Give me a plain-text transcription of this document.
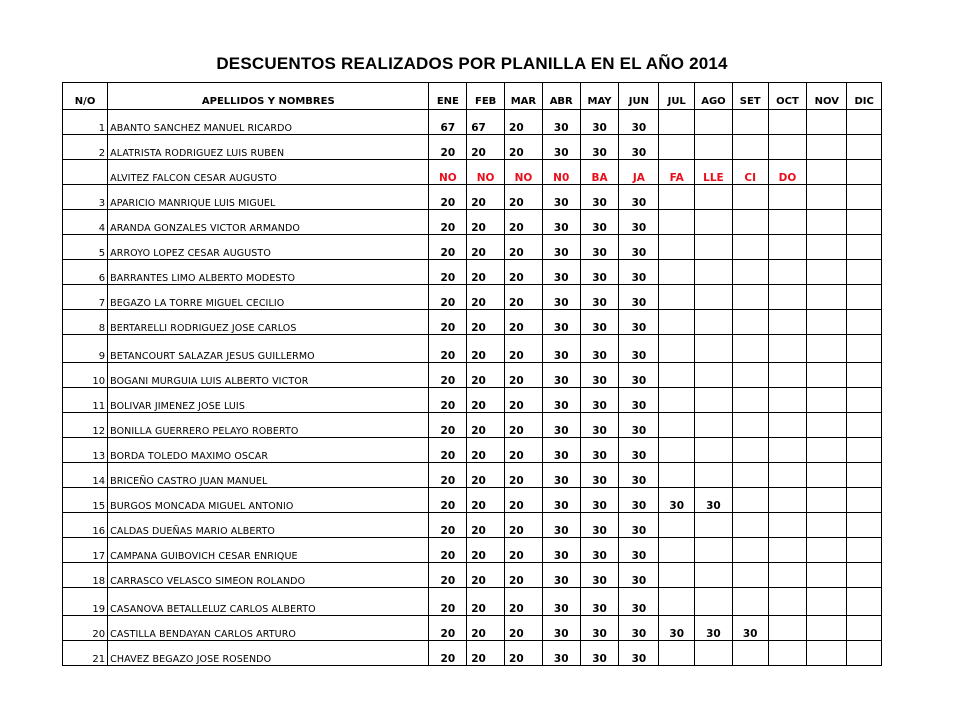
DESCUENTOS REALIZADOS POR PLANILLA EN EL AÑO 2014
N/O	APELLIDOS Y NOMBRES	ENE	FEB	MAR	ABR	MAY	JUN	JUL	AGO	SET	OCT	NOV	DIC
1	ABANTO SANCHEZ MANUEL RICARDO	67	67	20	30	30	30						
2	ALATRISTA RODRIGUEZ LUIS RUBEN	20	20	20	30	30	30						
	ALVITEZ FALCON CESAR AUGUSTO	NO	NO	NO	N0	BA	JA	FA	LLE	CI	DO		
3	APARICIO MANRIQUE LUIS MIGUEL	20	20	20	30	30	30						
4	ARANDA GONZALES VICTOR ARMANDO	20	20	20	30	30	30						
5	ARROYO LOPEZ CESAR AUGUSTO	20	20	20	30	30	30						
6	BARRANTES LIMO ALBERTO MODESTO	20	20	20	30	30	30						
7	BEGAZO LA TORRE MIGUEL CECILIO	20	20	20	30	30	30						
8	BERTARELLI RODRIGUEZ JOSE CARLOS	20	20	20	30	30	30						
9	BETANCOURT SALAZAR JESUS GUILLERMO	20	20	20	30	30	30						
10	BOGANI MURGUIA LUIS ALBERTO VICTOR	20	20	20	30	30	30						
11	BOLIVAR JIMENEZ JOSE LUIS	20	20	20	30	30	30						
12	BONILLA GUERRERO PELAYO ROBERTO	20	20	20	30	30	30						
13	BORDA TOLEDO MAXIMO OSCAR	20	20	20	30	30	30						
14	BRICEÑO CASTRO JUAN MANUEL	20	20	20	30	30	30						
15	BURGOS MONCADA MIGUEL ANTONIO	20	20	20	30	30	30	30	30				
16	CALDAS DUEÑAS MARIO ALBERTO	20	20	20	30	30	30						
17	CAMPANA GUIBOVICH CESAR ENRIQUE	20	20	20	30	30	30						
18	CARRASCO VELASCO SIMEON ROLANDO	20	20	20	30	30	30						
19	CASANOVA BETALLELUZ CARLOS ALBERTO	20	20	20	30	30	30						
20	CASTILLA BENDAYAN CARLOS ARTURO	20	20	20	30	30	30	30	30	30			
21	CHAVEZ BEGAZO JOSE ROSENDO	20	20	20	30	30	30						
